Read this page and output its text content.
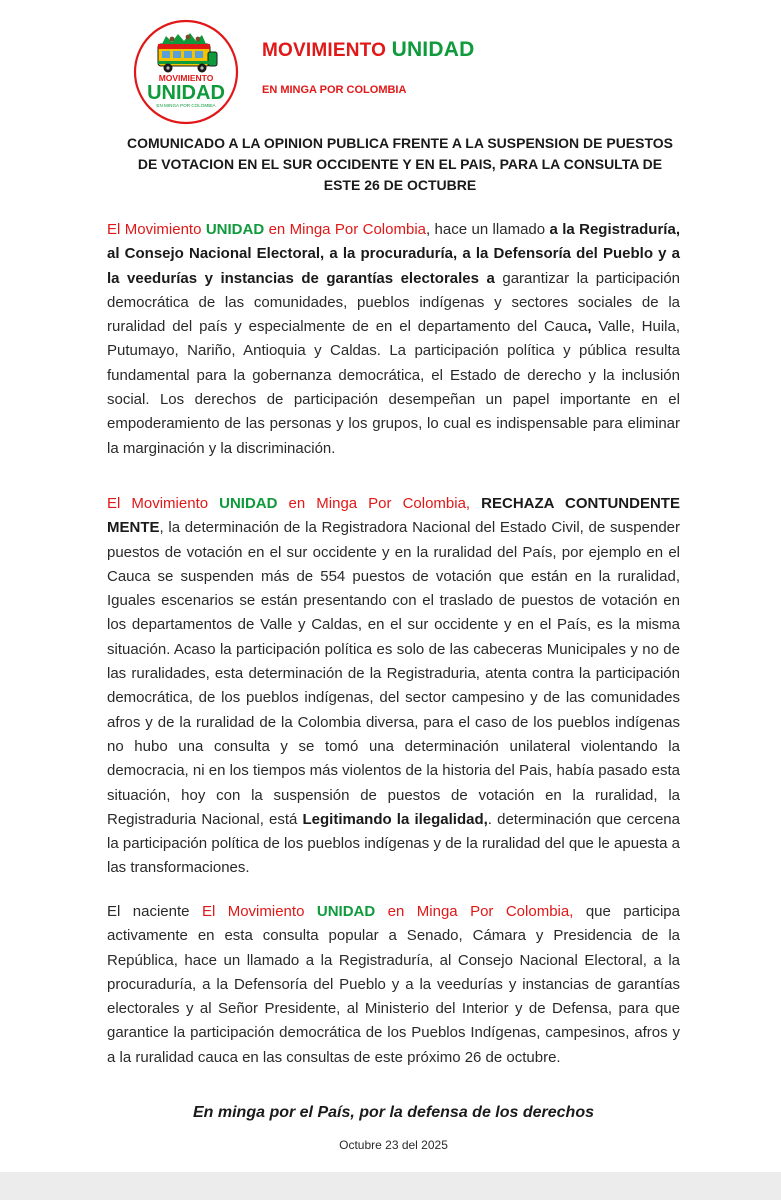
MOVIMIENTO
UNIDAD
EN MINGA POR COLOMBIA
MOVIMIENTO UNIDAD
EN MINGA POR COLOMBIA
COMUNICADO A LA OPINION PUBLICA FRENTE A LA SUSPENSION DE PUESTOS
DE VOTACION EN EL SUR OCCIDENTE Y EN EL PAIS, PARA LA CONSULTA DE
ESTE 26 DE OCTUBRE

El Movimiento UNIDAD en Minga Por Colombia, hace un llamado a la Registraduría, al Consejo Nacional Electoral, a la procuraduría, a la Defensoría del Pueblo y a la veedurías y instancias de garantías electorales a garantizar la participación democrática de las comunidades, pueblos indígenas y sectores sociales de la ruralidad del país y especialmente de en el departamento del Cauca, Valle, Huila, Putumayo, Nariño, Antioquia y Caldas. La participación política y pública resulta fundamental para la gobernanza democrática, el Estado de derecho y la inclusión social. Los derechos de participación desempeñan un papel importante en el empoderamiento de las personas y los grupos, lo cual es indispensable para eliminar la marginación y la discriminación.

El Movimiento UNIDAD en Minga Por Colombia, RECHAZA CONTUNDENTE MENTE, la determinación de la Registradora Nacional del Estado Civil, de suspender puestos de votación en el sur occidente y en la ruralidad del País, por ejemplo en el Cauca se suspenden más de 554 puestos de votación que están en la ruralidad, Iguales escenarios se están presentando con el traslado de puestos de votación en los departamentos de Valle y Caldas, en el sur occidente y en el País, es la misma situación. Acaso la participación política es solo de las cabeceras Municipales y no de las ruralidades, esta determinación de la Registraduria, atenta contra la participación democrática, de los pueblos indígenas, del sector campesino y de las comunidades afros y de la ruralidad de la Colombia diversa, para el caso de los pueblos indígenas no hubo una consulta y se tomó una determinación unilateral violentando la democracia, ni en los tiempos más violentos de la historia del Pais, había pasado esta situación, hoy con la suspensión de puestos de votación en la ruralidad, la Registraduria Nacional, está Legitimando la ilegalidad,. determinación que cercena la participación política de los pueblos indígenas y de la ruralidad del que le apuesta a las transformaciones.

El naciente El Movimiento UNIDAD en Minga Por Colombia, que participa activamente en esta consulta popular a Senado, Cámara y Presidencia de la República, hace un llamado a la Registraduría, al Consejo Nacional Electoral, a la procuraduría, a la Defensoría del Pueblo y a la veedurías y instancias de garantías electorales y al Señor Presidente, al Ministerio del Interior y de Defensa, para que garantice la participación democrática de los Pueblos Indígenas, campesinos, afros y a la ruralidad cauca en las consultas de este próximo 26 de octubre.

En minga por el País, por la defensa de los derechos
Octubre 23 del 2025
